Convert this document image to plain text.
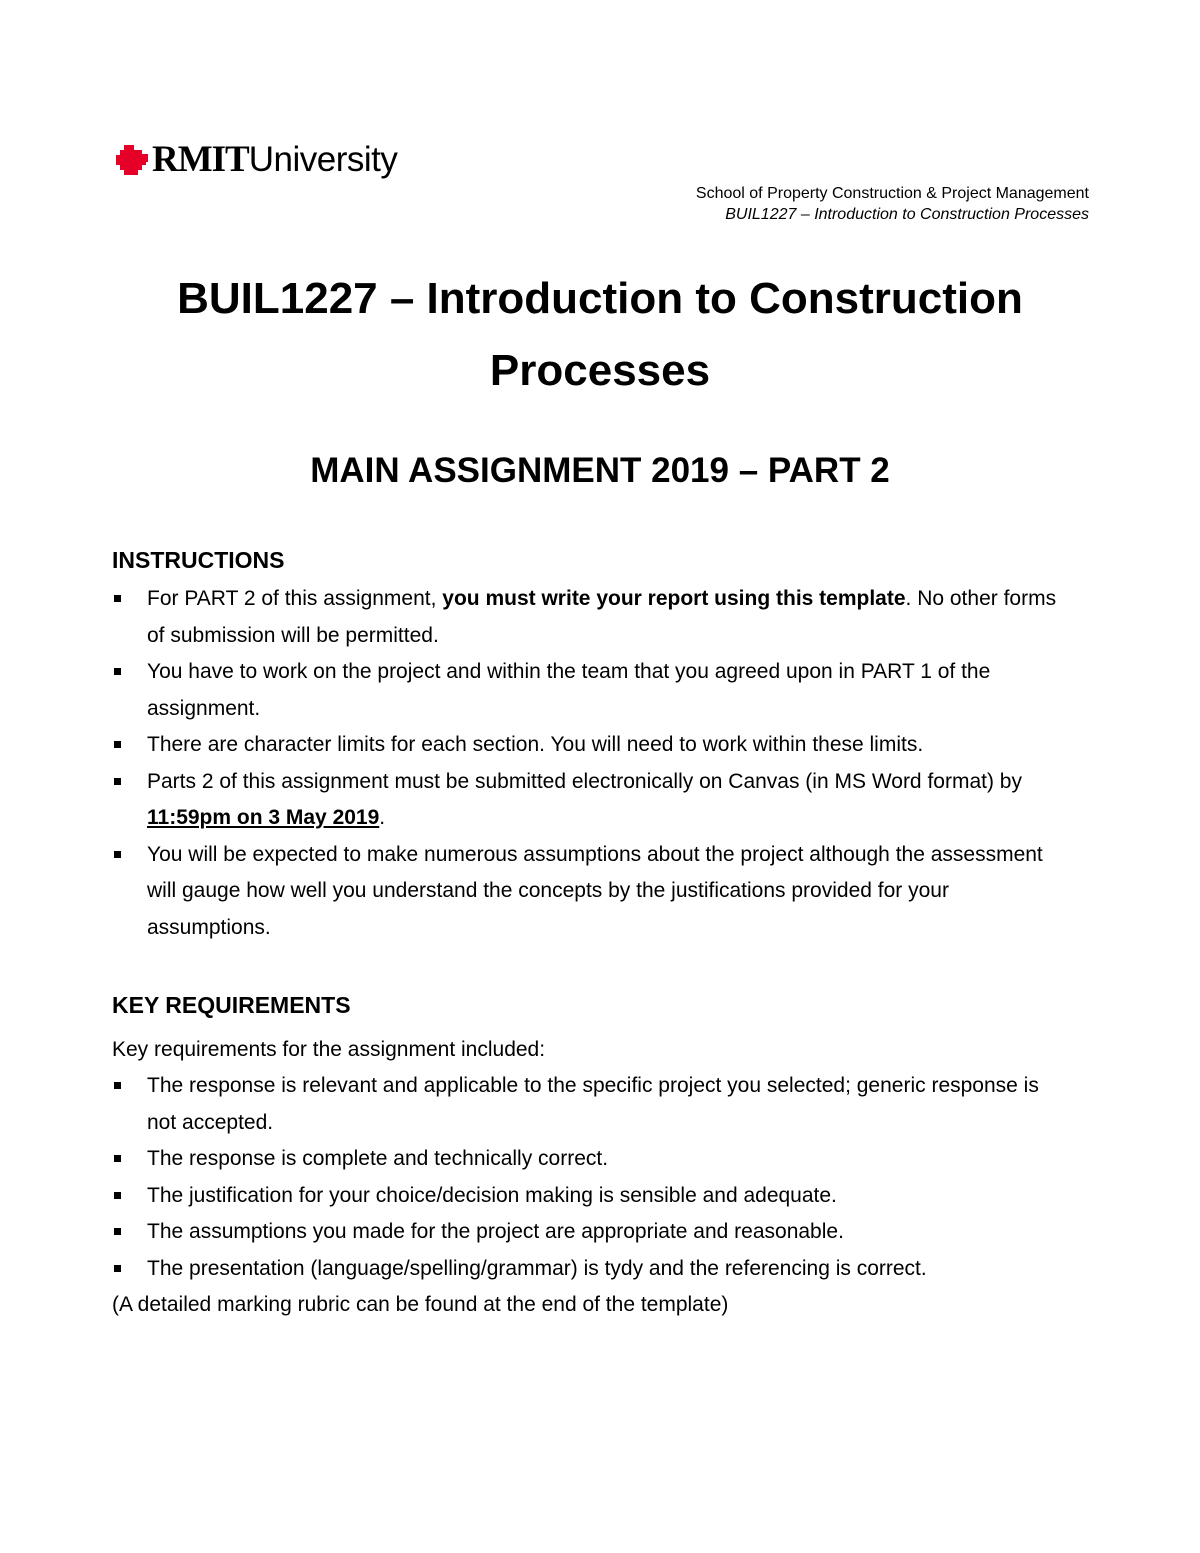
RMITUniversity
School of Property Construction & Project Management
BUIL1227 – Introduction to Construction Processes
BUIL1227 – Introduction to Construction
Processes
MAIN ASSIGNMENT 2019 – PART 2
INSTRUCTIONS
For PART 2 of this assignment, you must write your report using this template. No other forms of submission will be permitted.
You have to work on the project and within the team that you agreed upon in PART 1 of the assignment.
There are character limits for each section. You will need to work within these limits.
Parts 2 of this assignment must be submitted electronically on Canvas (in MS Word format) by 11:59pm on 3 May 2019.
You will be expected to make numerous assumptions about the project although the assessment will gauge how well you understand the concepts by the justifications provided for your assumptions.
KEY REQUIREMENTS

Key requirements for the assignment included:

The response is relevant and applicable to the specific project you selected; generic response is not accepted.
The response is complete and technically correct.
The justification for your choice/decision making is sensible and adequate.
The assumptions you made for the project are appropriate and reasonable.
The presentation (language/spelling/grammar) is tydy and the referencing is correct.

(A detailed marking rubric can be found at the end of the template)
